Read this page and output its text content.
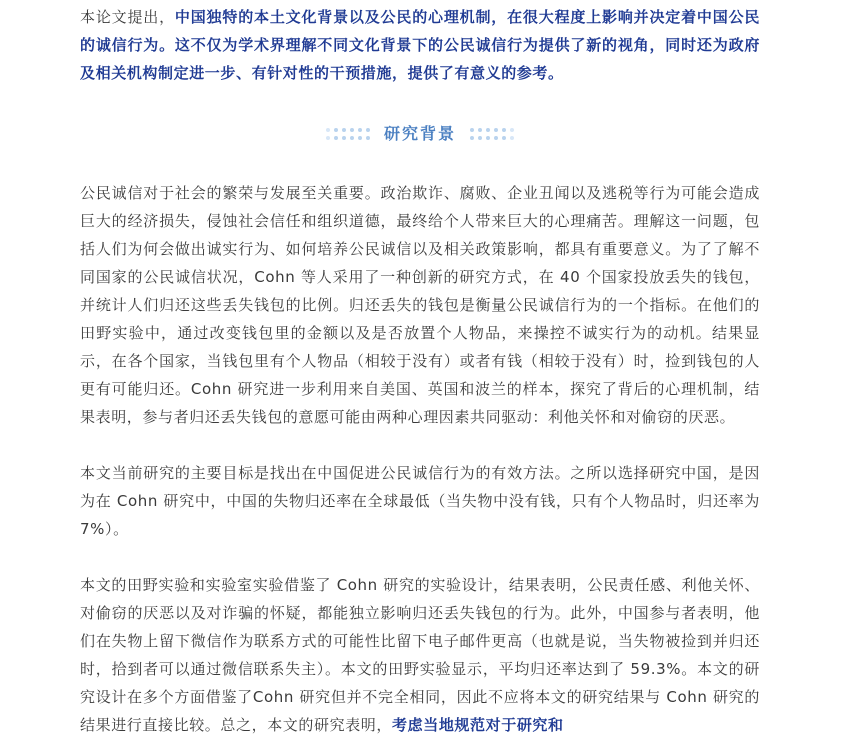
本论文提出，中国独特的本土文化背景以及公民的心理机制，在很大程度上影响并决定着中国公民的诚信行为。这不仅为学术界理解不同文化背景下的公民诚信行为提供了新的视角，同时还为政府及相关机构制定进一步、有针对性的干预措施，提供了有意义的参考。

研究背景

公民诚信对于社会的繁荣与发展至关重要。政治欺诈、腐败、企业丑闻以及逃税等行为可能会造成巨大的经济损失，侵蚀社会信任和组织道德，最终给个人带来巨大的心理痛苦。理解这一问题，包括人们为何会做出诚实行为、如何培养公民诚信以及相关政策影响，都具有重要意义。为了了解不同国家的公民诚信状况，Cohn 等人采用了一种创新的研究方式，在 40 个国家投放丢失的钱包，并统计人们归还这些丢失钱包的比例。归还丢失的钱包是衡量公民诚信行为的一个指标。在他们的田野实验中，通过改变钱包里的金额以及是否放置个人物品，来操控不诚实行为的动机。结果显示，在各个国家，当钱包里有个人物品（相较于没有）或者有钱（相较于没有）时，捡到钱包的人更有可能归还。Cohn 研究进一步利用来自美国、英国和波兰的样本，探究了背后的心理机制，结果表明，参与者归还丢失钱包的意愿可能由两种心理因素共同驱动：利他关怀和对偷窃的厌恶。

本文当前研究的主要目标是找出在中国促进公民诚信行为的有效方法。之所以选择研究中国，是因为在 Cohn 研究中，中国的失物归还率在全球最低（当失物中没有钱，只有个人物品时，归还率为 7%）。

本文的田野实验和实验室实验借鉴了 Cohn 研究的实验设计，结果表明，公民责任感、利他关怀、对偷窃的厌恶以及对诈骗的怀疑，都能独立影响归还丢失钱包的行为。此外，中国参与者表明，他们在失物上留下微信作为联系方式的可能性比留下电子邮件更高（也就是说，当失物被捡到并归还时，拾到者可以通过微信联系失主）。本文的田野实验显示，平均归还率达到了 59.3%。本文的研究设计在多个方面借鉴了Cohn 研究但并不完全相同，因此不应将本文的研究结果与 Cohn 研究的结果进行直接比较。总之，本文的研究表明，考虑当地规范对于研究和
